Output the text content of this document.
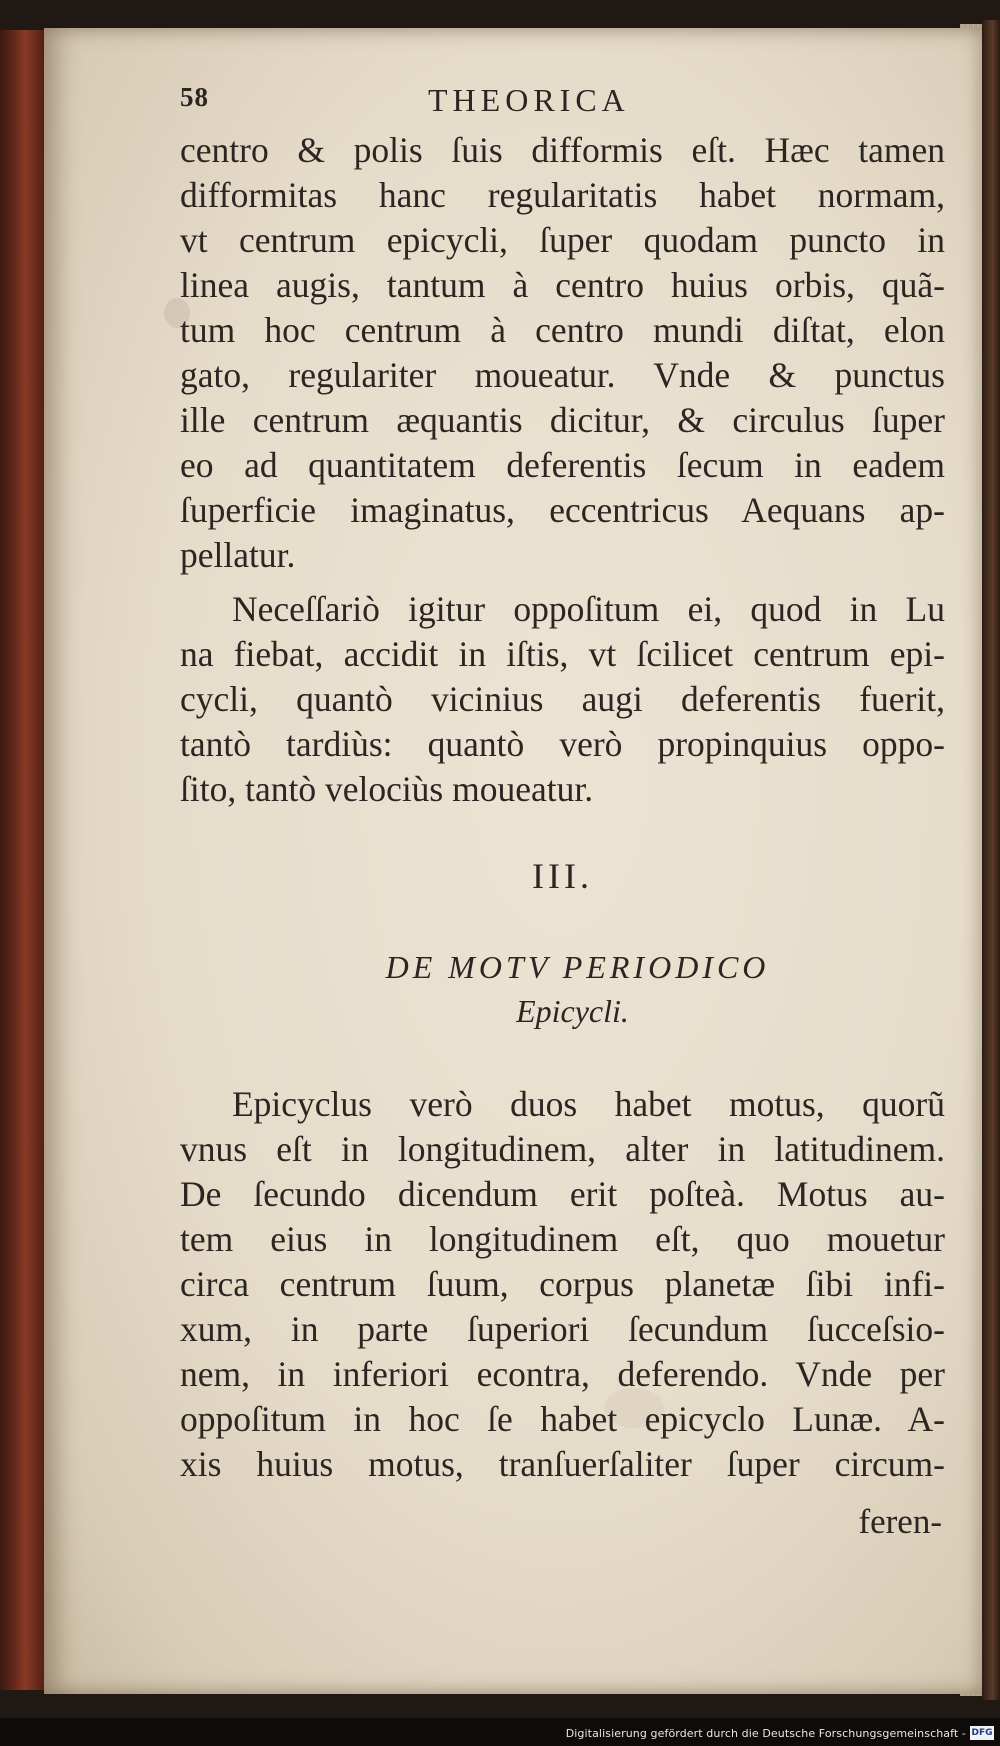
58	THEORICA
centro & polis ſuis difformis eſt. Hæc tamen
difformitas hanc regularitatis habet normam,
vt centrum epicycli, ſuper quodam puncto in
linea augis, tantum à centro huius orbis, quã-
tum hoc centrum à centro mundi diſtat, elon
gato, regulariter moueatur. Vnde & punctus
ille centrum æquantis dicitur, & circulus ſuper
eo ad quantitatem deferentis ſecum in eadem
ſuperficie imaginatus, eccentricus Aequans ap-
pellatur.
Neceſſariò igitur oppoſitum ei, quod in Lu
na fiebat, accidit in iſtis, vt ſcilicet centrum epi-
cycli, quantò vicinius augi deferentis fuerit,
tantò tardiùs: quantò verò propinquius oppo-
ſito, tantò velociùs moueatur.
III.
DE MOTV PERIODICO
Epicycli.
Epicyclus verò duos habet motus, quorũ
vnus eſt in longitudinem, alter in latitudinem.
De ſecundo dicendum erit poſteà. Motus au-
tem eius in longitudinem eſt, quo mouetur
circa centrum ſuum, corpus planetæ ſibi infi-
xum, in parte ſuperiori ſecundum ſucceſsio-
nem, in inferiori econtra, deferendo. Vnde per
oppoſitum in hoc ſe habet epicyclo Lunæ. A-
xis huius motus, tranſuerſaliter ſuper circum-
feren-
Digitalisierung gefördert durch die Deutsche Forschungsgemeinschaft - DFG
